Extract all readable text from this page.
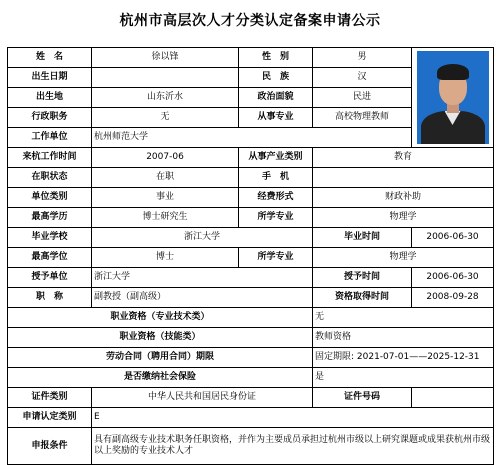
杭州市高层次人才分类认定备案申请公示
姓　名	徐以锋	性　别	男	

出生日期		民　族	汉	
出生地	山东沂水	政治面貌	民进	
行政职务	无	从事专业	高校物理教师	
工作单位	杭州师范大学			
来杭工作时间	2007-06	从事产业类别	教育	
在职状态	在职	手　机		
单位类别	事业	经费形式	财政补助	
最高学历	博士研究生	所学专业	物理学	
毕业学校	浙江大学		毕业时间	2006-06-30
最高学位	博士	所学专业	物理学	
授予单位	浙江大学		授予时间	2006-06-30
职　称	副教授（副高级）		资格取得时间	2008-09-28
职业资格（专业技术类）			无	
职业资格（技能类）			教师资格	
劳动合同（聘用合同）期限			固定期限: 2021-07-01——2025-12-31	
是否缴纳社会保险			是	
证件类别	中华人民共和国居民身份证		证件号码	
申请认定类别	E			
申报条件	具有副高级专业技术职务任职资格，并作为主要成员承担过杭州市级以上研究课题或成果获杭州市级以上奖励的专业技术人才			
